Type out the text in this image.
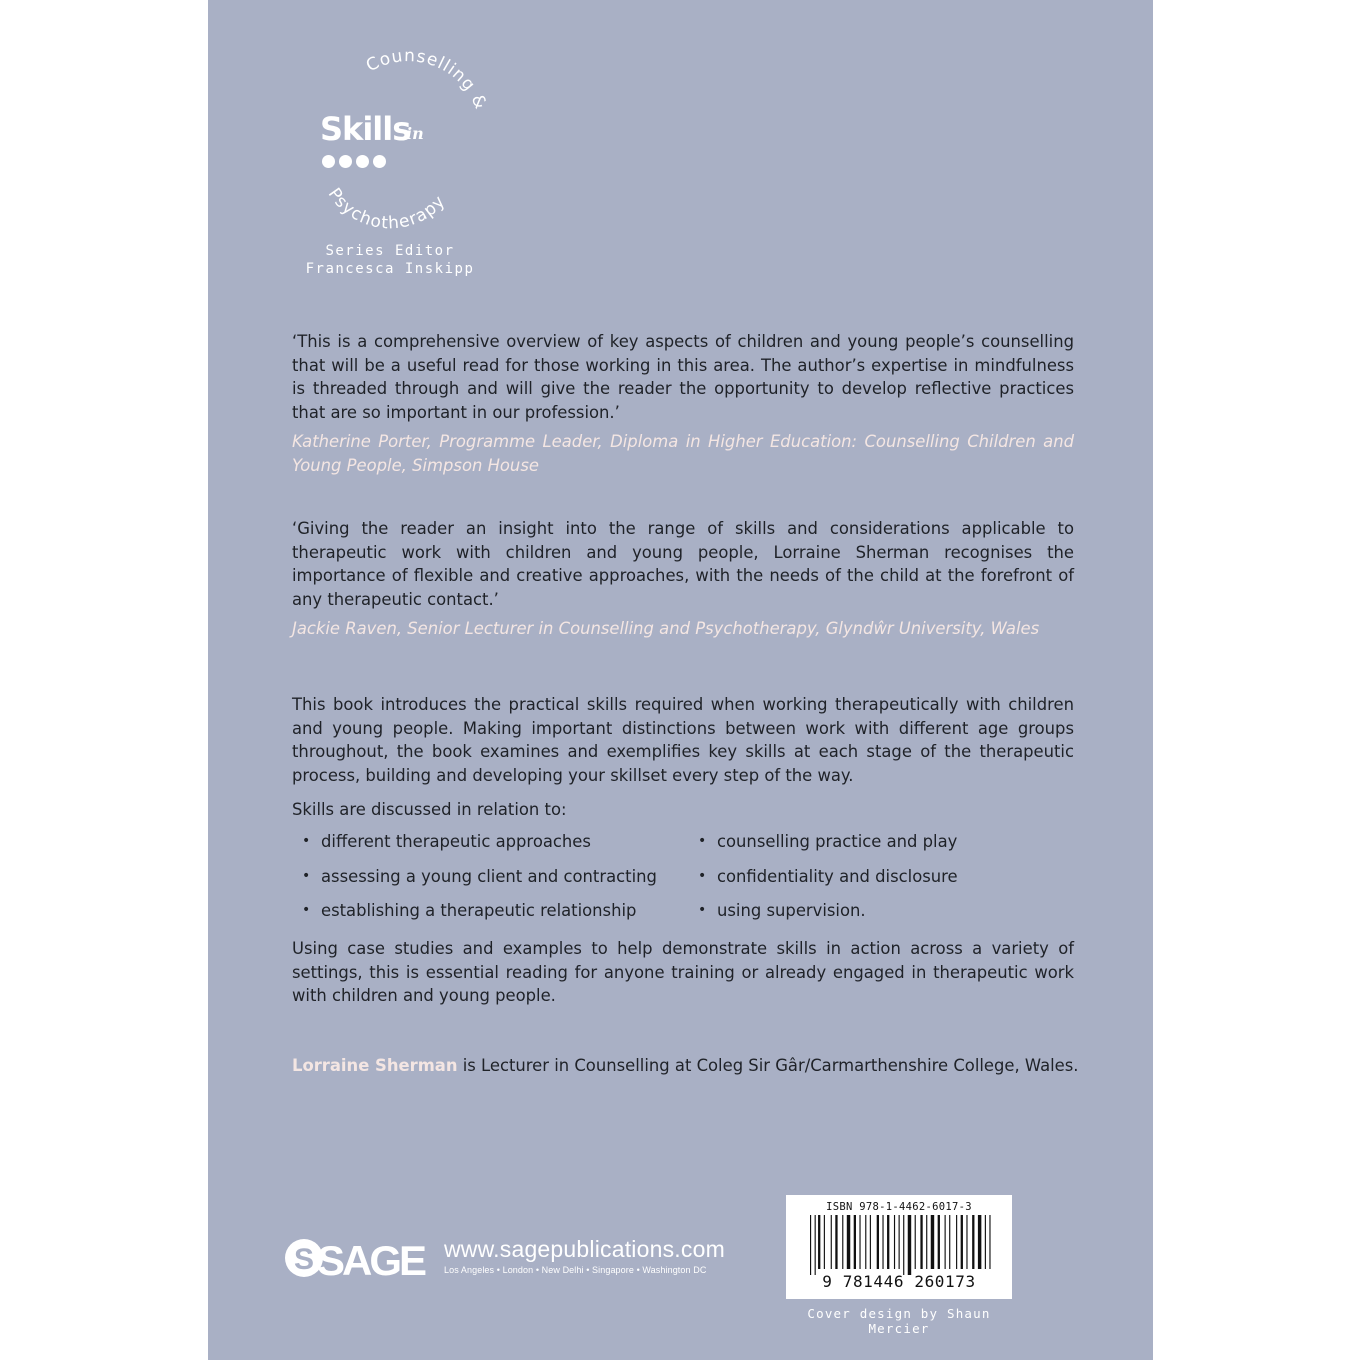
Counselling &
Psychotherapy
Skills
in
Series Editor
Francesca Inskipp
‘This is a comprehensive overview of key aspects of children and young people’s counselling that will be a useful read for those working in this area. The author’s expertise in mindfulness is threaded through and will give the reader the opportunity to develop reflective practices that are so important in our profession.’
Katherine Porter, Programme Leader, Diploma in Higher Education: Counselling Children and Young People, Simpson House
‘Giving the reader an insight into the range of skills and considerations applicable to therapeutic work with children and young people, Lorraine Sherman recognises the importance of flexible and creative approaches, with the needs of the child at the forefront of any therapeutic contact.’
Jackie Raven, Senior Lecturer in Counselling and Psychotherapy, Glyndŵr University, Wales
This book introduces the practical skills required when working therapeutically with children and young people. Making important distinctions between work with different age groups throughout, the book examines and exemplifies key skills at each stage of the therapeutic process, building and developing your skillset every step of the way.
Skills are discussed in relation to:
• different therapeutic approaches	• counselling practice and play
• assessing a young client and contracting	• confidentiality and disclosure
• establishing a therapeutic relationship	• using supervision.
Using case studies and examples to help demonstrate skills in action across a variety of settings, this is essential reading for anyone training or already engaged in therapeutic work with children and young people.
Lorraine Sherman is Lecturer in Counselling at Coleg Sir Gâr/Carmarthenshire College, Wales.
S SAGE www.sagepublications.com
Los Angeles • London • New Delhi • Singapore • Washington DC
ISBN 978-1-4462-6017-3
9 781446 260173
Cover design by Shaun Mercier
